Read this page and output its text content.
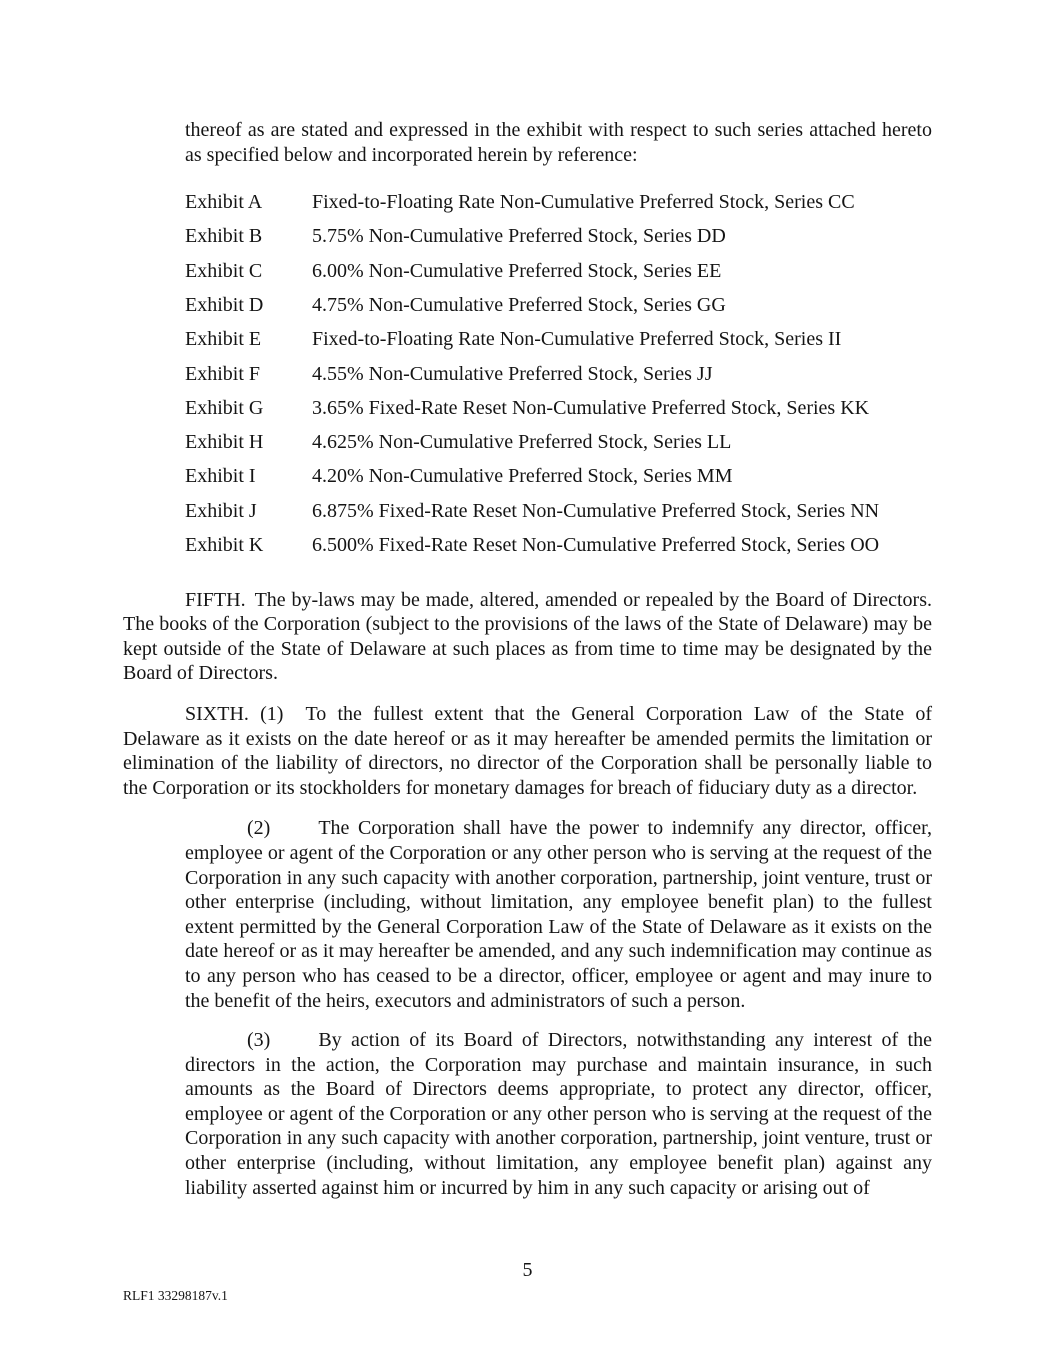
thereof as are stated and expressed in the exhibit with respect to such series attached hereto as specified below and incorporated herein by reference:

Exhibit A	Fixed-to-Floating Rate Non-Cumulative Preferred Stock, Series CC
Exhibit B	5.75% Non-Cumulative Preferred Stock, Series DD
Exhibit C	6.00% Non-Cumulative Preferred Stock, Series EE
Exhibit D	4.75% Non-Cumulative Preferred Stock, Series GG
Exhibit E	Fixed-to-Floating Rate Non-Cumulative Preferred Stock, Series II
Exhibit F	4.55% Non-Cumulative Preferred Stock, Series JJ
Exhibit G	3.65% Fixed-Rate Reset Non-Cumulative Preferred Stock, Series KK
Exhibit H	4.625% Non-Cumulative Preferred Stock, Series LL
Exhibit I	4.20% Non-Cumulative Preferred Stock, Series MM
Exhibit J	6.875% Fixed-Rate Reset Non-Cumulative Preferred Stock, Series NN
Exhibit K	6.500% Fixed-Rate Reset Non-Cumulative Preferred Stock, Series OO

FIFTH. The by-laws may be made, altered, amended or repealed by the Board of Directors.  The books of the Corporation (subject to the provisions of the laws of the State of Delaware) may be kept outside of the State of Delaware at such places as from time to time may be designated by the Board of Directors.

SIXTH. (1) To the fullest extent that the General Corporation Law of the State of Delaware as it exists on the date hereof or as it may hereafter be amended permits the limitation or elimination of the liability of directors, no director of the Corporation shall be personally liable to the Corporation or its stockholders for monetary damages for breach of fiduciary duty as a director.

(2) The Corporation shall have the power to indemnify any director, officer, employee or agent of the Corporation or any other person who is serving at the request of the Corporation in any such capacity with another corporation, partnership, joint venture, trust or other enterprise (including, without limitation, any employee benefit plan) to the fullest extent permitted by the General Corporation Law of the State of Delaware as it exists on the date hereof or as it may hereafter be amended, and any such indemnification may continue as to any person who has ceased to be a director, officer, employee or agent and may inure to the benefit of the heirs, executors and administrators of such a person.

(3) By action of its Board of Directors, notwithstanding any interest of the directors in the action, the Corporation may purchase and maintain insurance, in such amounts as the Board of Directors deems appropriate, to protect any director, officer, employee or agent of the Corporation or any other person who is serving at the request of the Corporation in any such capacity with another corporation, partnership, joint venture, trust or other enterprise (including, without limitation, any employee benefit plan) against any liability asserted against him or incurred by him in any such capacity or arising out of

5
RLF1 33298187v.1
